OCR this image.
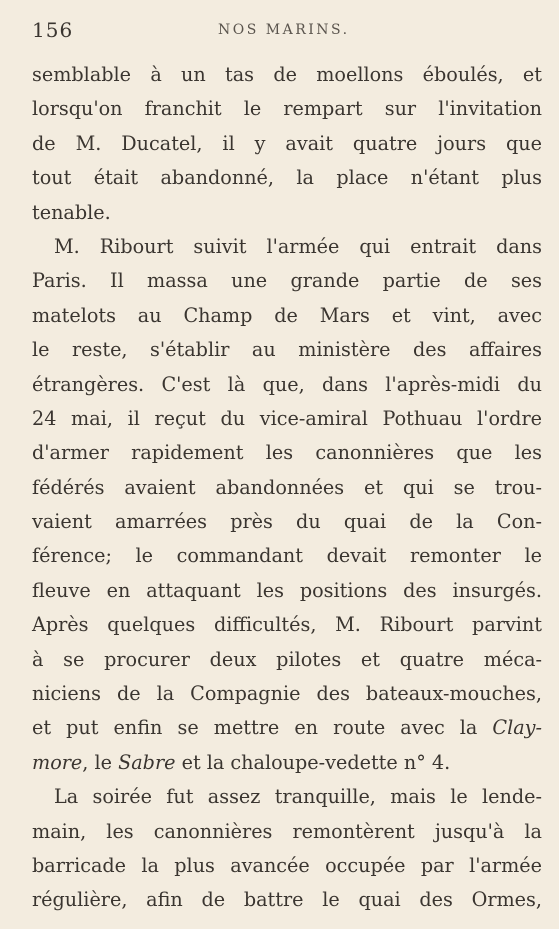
156	NOS MARINS.
semblable à un tas de moellons éboulés, et
lorsqu'on franchit le rempart sur l'invitation
de M. Ducatel, il y avait quatre jours que
tout était abandonné, la place n'étant plus
tenable.
M. Ribourt suivit l'armée qui entrait dans
Paris. Il massa une grande partie de ses
matelots au Champ de Mars et vint, avec
le reste, s'établir au ministère des affaires
étrangères. C'est là que, dans l'après-midi du
24 mai, il reçut du vice-amiral Pothuau l'ordre
d'armer rapidement les canonnières que les
fédérés avaient abandonnées et qui se trou-
vaient amarrées près du quai de la Con-
férence; le commandant devait remonter le
fleuve en attaquant les positions des insurgés.
Après quelques difficultés, M. Ribourt parvint
à se procurer deux pilotes et quatre méca-
niciens de la Compagnie des bateaux-mouches,
et put enfin se mettre en route avec la Clay-
more, le Sabre et la chaloupe-vedette n° 4.
La soirée fut assez tranquille, mais le lende-
main, les canonnières remontèrent jusqu'à la
barricade la plus avancée occupée par l'armée
régulière, afin de battre le quai des Ormes,
